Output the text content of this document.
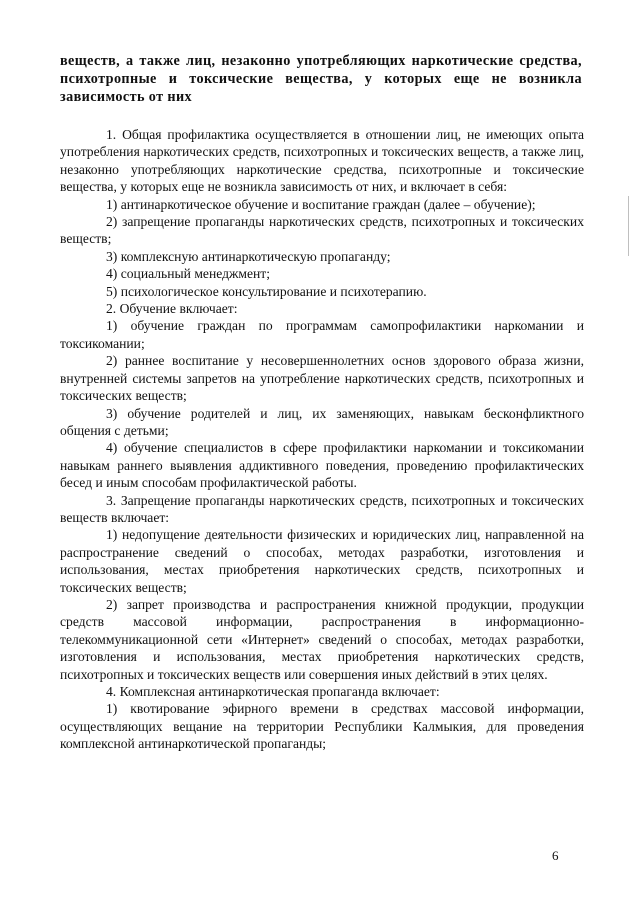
веществ, а также лиц, незаконно употребляющих наркотические средства, психотропные и токсические вещества, у которых еще не возникла зависимость от них

1. Общая профилактика осуществляется в отношении лиц, не имеющих опыта употребления наркотических средств, психотропных и токсических веществ, а также лиц, незаконно употребляющих наркотические средства, психотропные и токсические вещества, у которых еще не возникла зависимость от них, и включает в себя:

1) антинаркотическое обучение и воспитание граждан (далее – обучение);

2) запрещение пропаганды наркотических средств, психотропных и токсических веществ;

3) комплексную антинаркотическую пропаганду;

4) социальный менеджмент;

5) психологическое консультирование и психотерапию.

2. Обучение включает:

1) обучение граждан по программам самопрофилактики наркомании и токсикомании;

2) раннее воспитание у несовершеннолетних основ здорового образа жизни, внутренней системы запретов на употребление наркотических средств, психотропных и токсических веществ;

3) обучение родителей и лиц, их заменяющих, навыкам бесконфликтного общения с детьми;

4) обучение специалистов в сфере профилактики наркомании и токсикомании навыкам раннего выявления аддиктивного поведения, проведению профилактических бесед и иным способам профилактической работы.

3. Запрещение пропаганды наркотических средств, психотропных и токсических веществ включает:

1) недопущение деятельности физических и юридических лиц, направленной на распространение сведений о способах, методах разработки, изготовления и использования, местах приобретения наркотических средств, психотропных и токсических веществ;

2) запрет производства и распространения книжной продукции, продукции средств массовой информации, распространения в информационно-телекоммуникационной сети «Интернет» сведений о способах, методах разработки, изготовления и использования, местах приобретения наркотических средств, психотропных и токсических веществ или совершения иных действий в этих целях.

4. Комплексная антинаркотическая пропаганда включает:

1) квотирование эфирного времени в средствах массовой информации, осуществляющих вещание на территории Республики Калмыкия, для проведения комплексной антинаркотической пропаганды;

6
